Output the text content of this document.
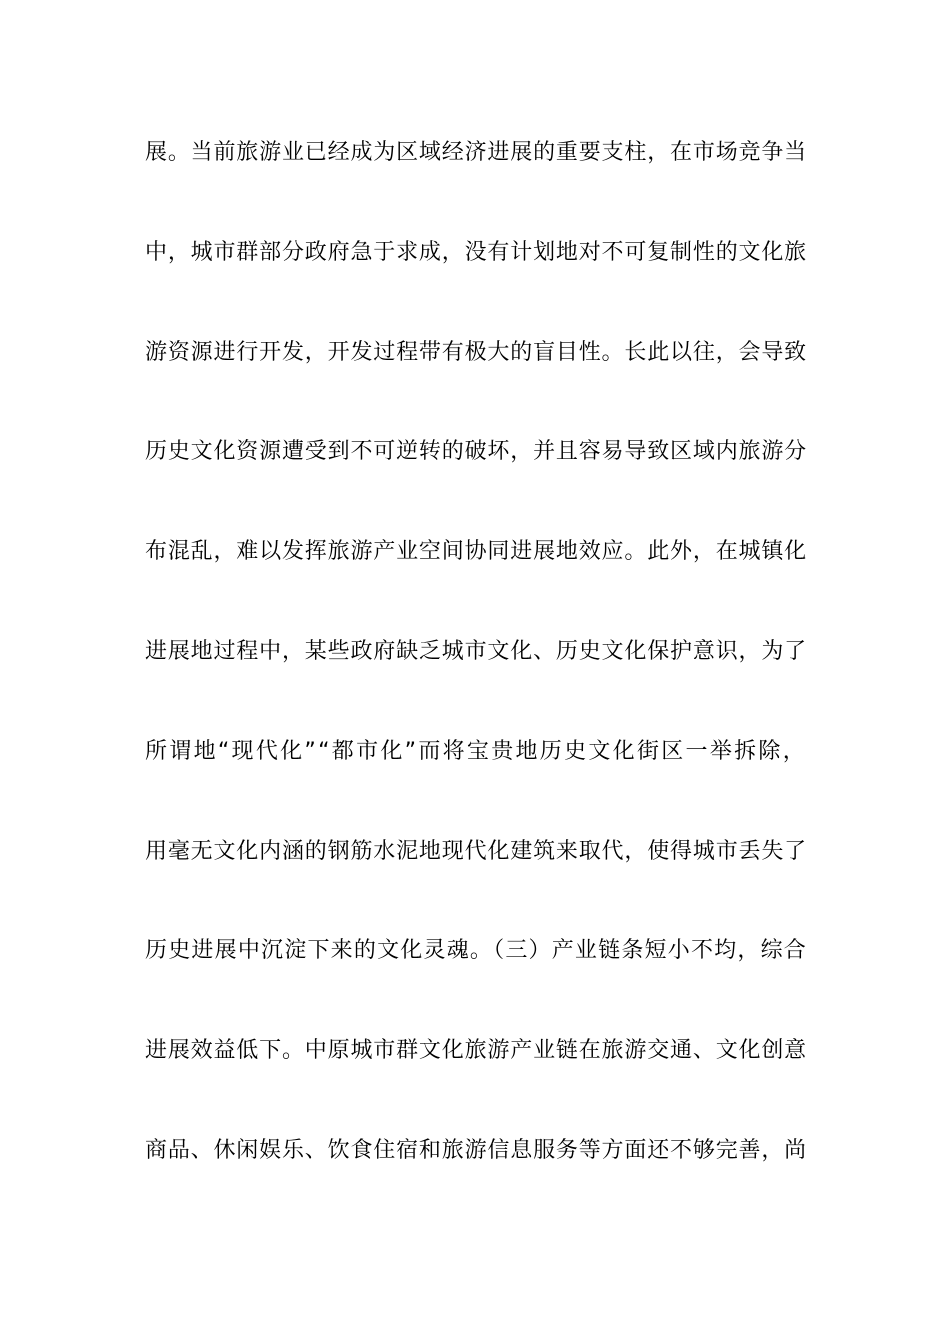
展。当前旅游业已经成为区域经济进展的重要支柱，在市场竞争当
中，城市群部分政府急于求成，没有计划地对不可复制性的文化旅
游资源进行开发，开发过程带有极大的盲目性。长此以往，会导致
历史文化资源遭受到不可逆转的破坏，并且容易导致区域内旅游分
布混乱，难以发挥旅游产业空间协同进展地效应。此外，在城镇化
进展地过程中，某些政府缺乏城市文化、历史文化保护意识，为了
所谓地“现代化”“都市化”而将宝贵地历史文化街区一举拆除，
用毫无文化内涵的钢筋水泥地现代化建筑来取代，使得城市丢失了
历史进展中沉淀下来的文化灵魂。（三）产业链条短小不均，综合
进展效益低下。中原城市群文化旅游产业链在旅游交通、文化创意
商品、休闲娱乐、饮食住宿和旅游信息服务等方面还不够完善，尚
